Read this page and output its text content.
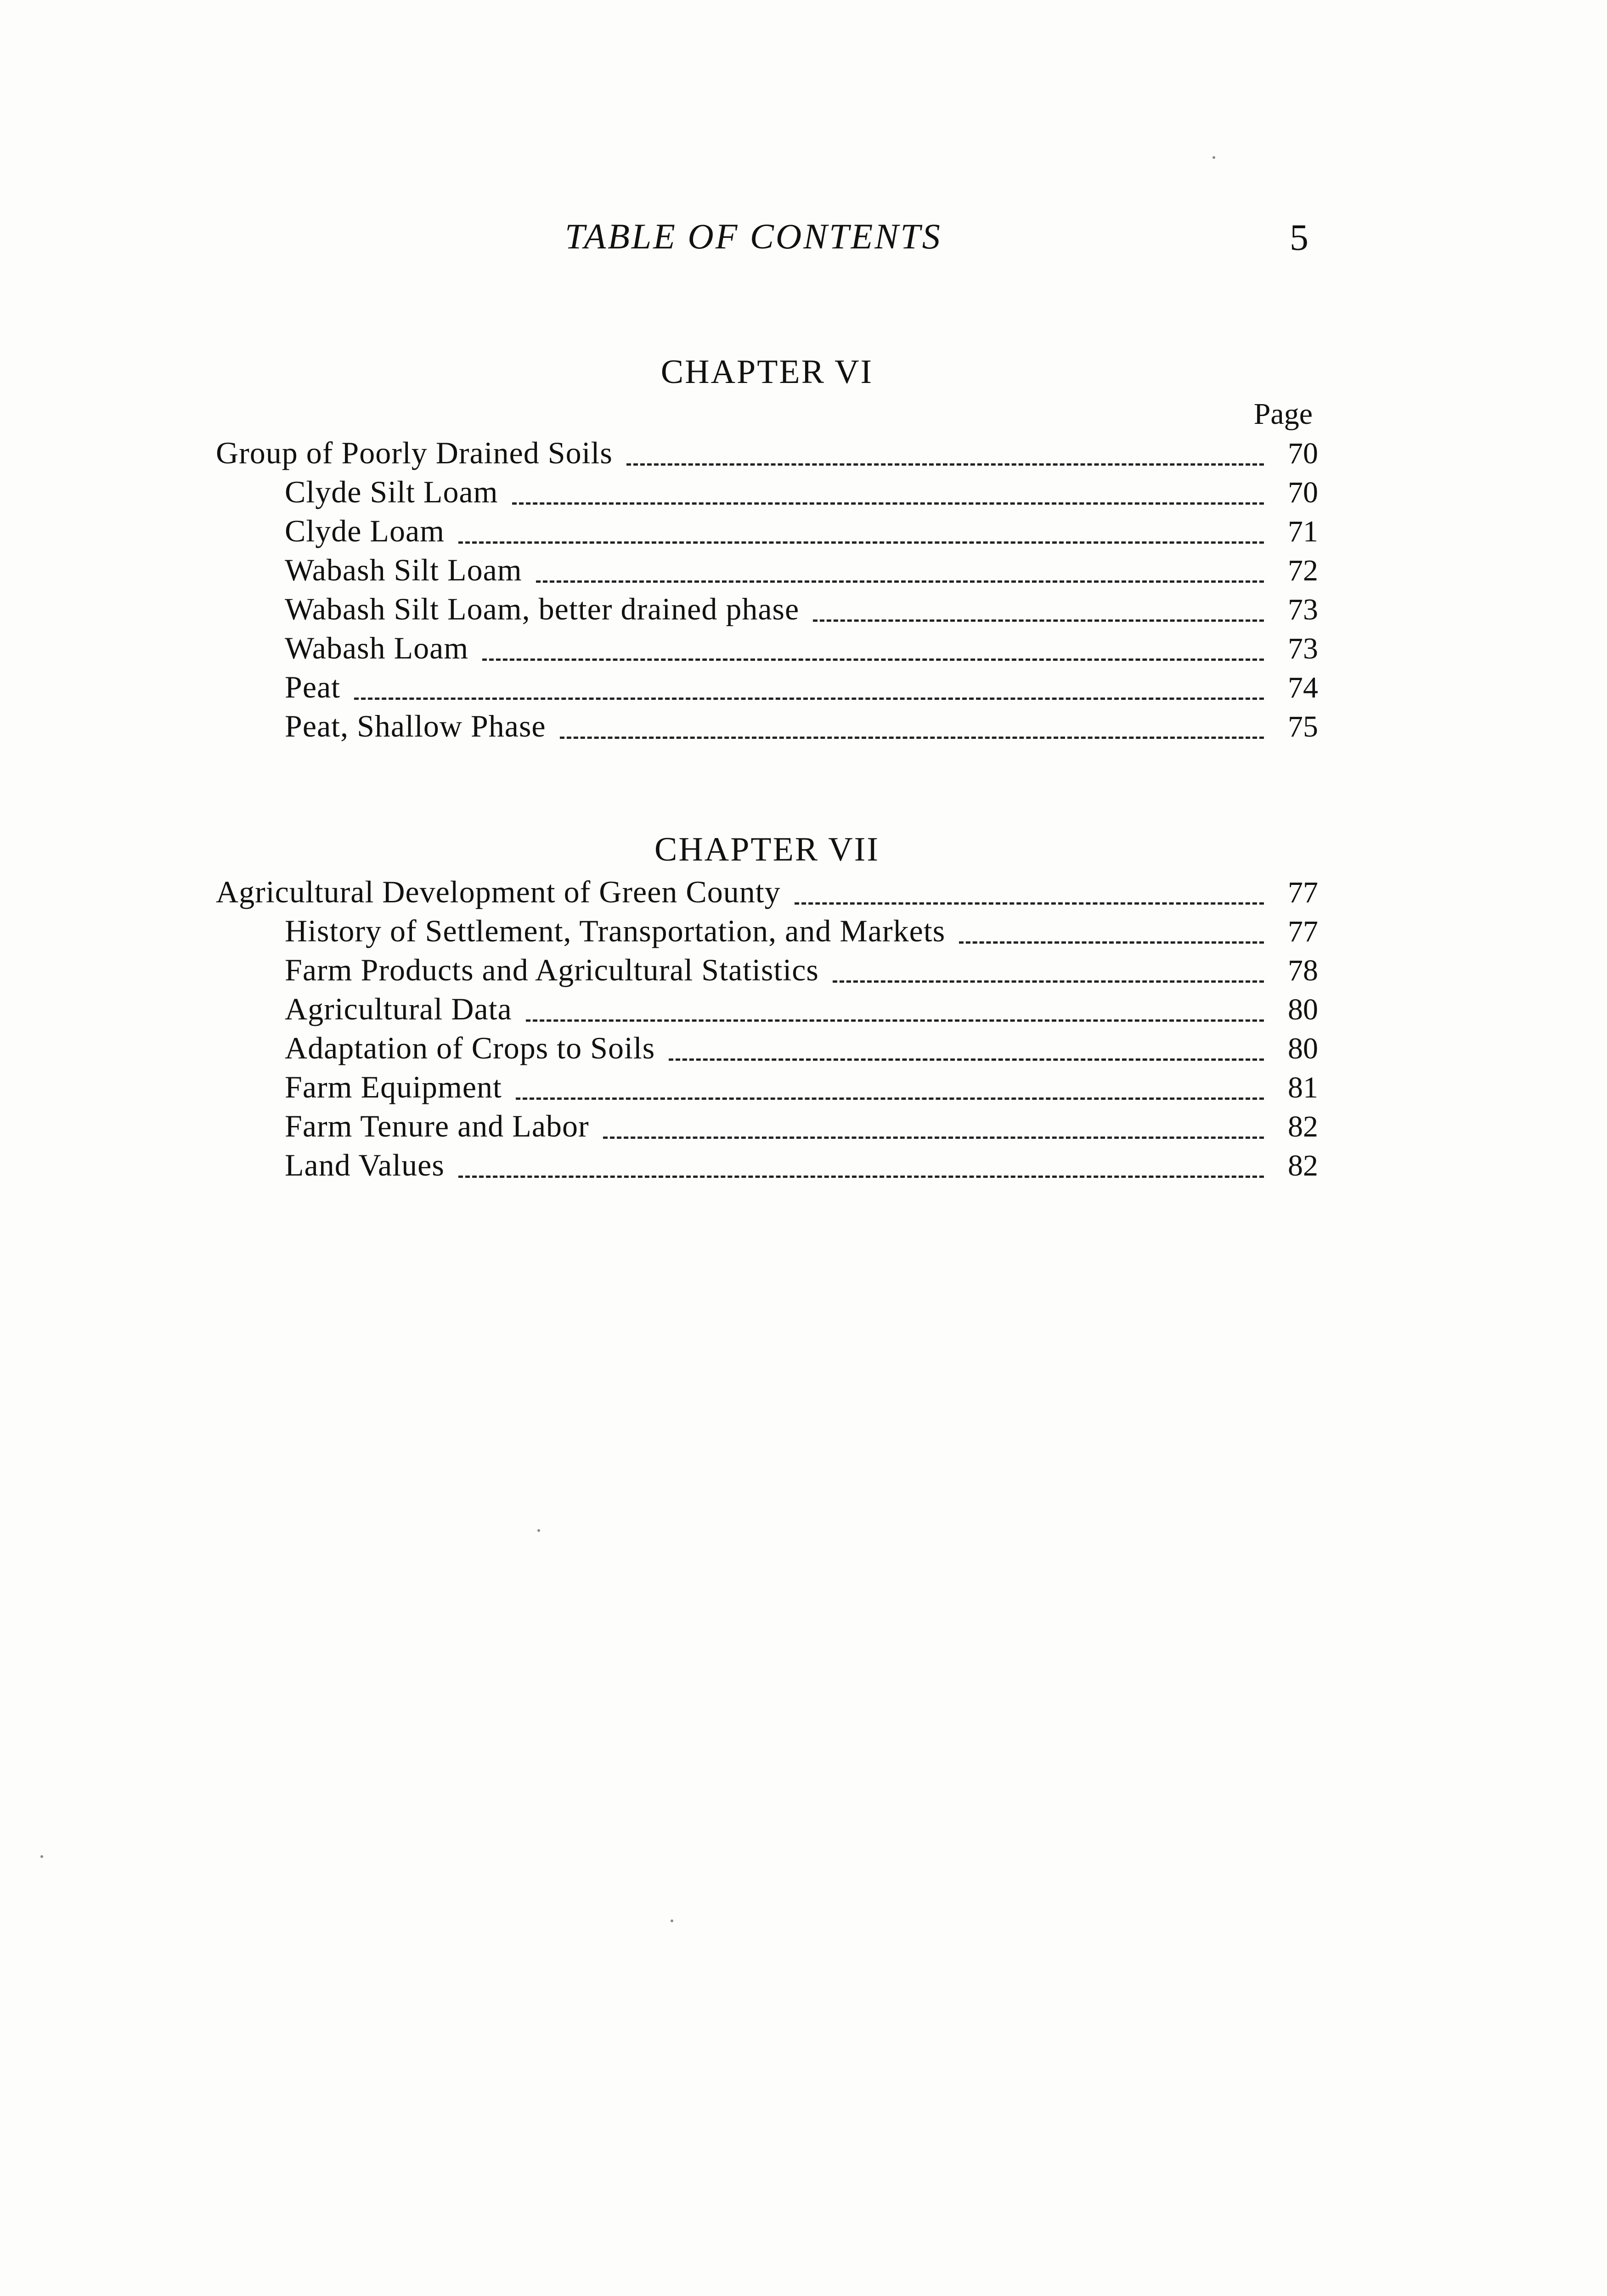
TABLE OF CONTENTS	5
CHAPTER VI
Page
Group of Poorly Drained Soils	70
Clyde Silt Loam	70
Clyde Loam	71
Wabash Silt Loam	72
Wabash Silt Loam, better drained phase	73
Wabash Loam	73
Peat	74
Peat, Shallow Phase	75
CHAPTER VII
Agricultural Development of Green County	77
History of Settlement, Transportation, and Markets	77
Farm Products and Agricultural Statistics	78
Agricultural Data	80
Adaptation of Crops to Soils	80
Farm Equipment	81
Farm Tenure and Labor	82
Land Values	82
